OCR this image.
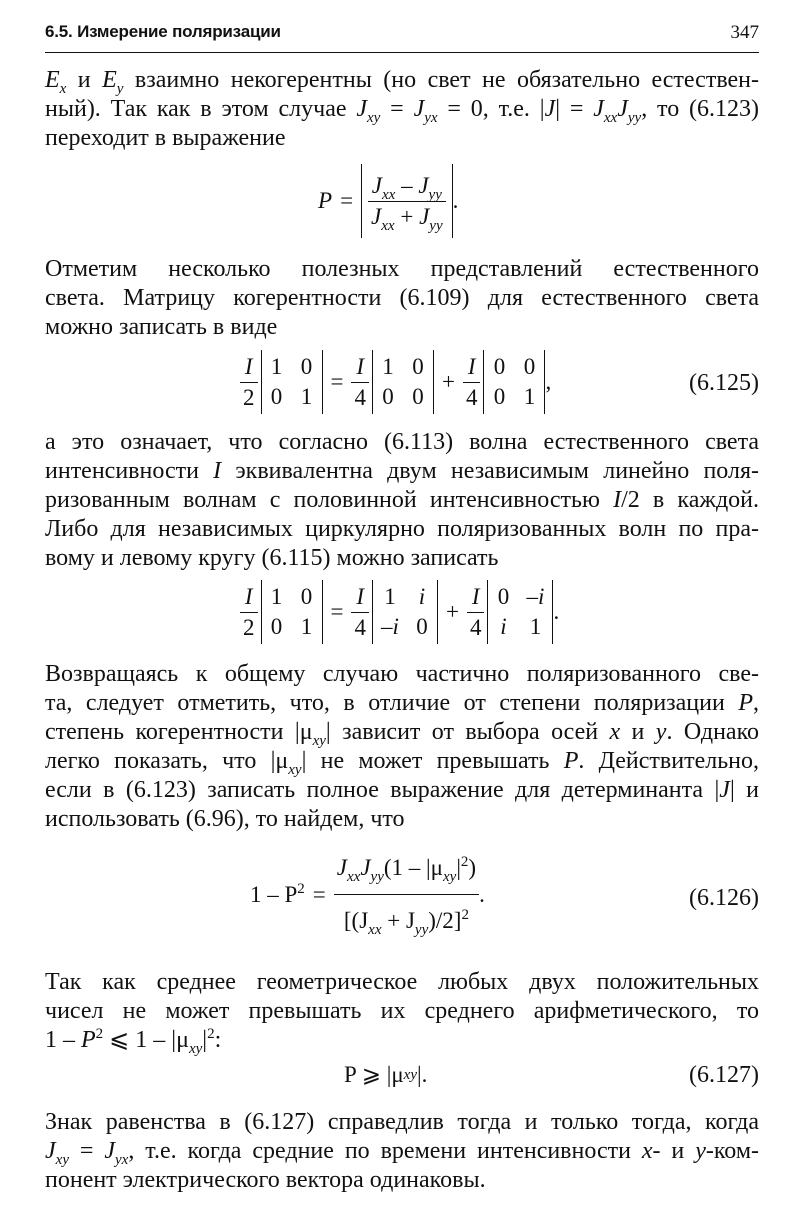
6.5. Измерение поляризации	347
$E_x$ и $E_y$ взаимно некогерентны (но свет не обязательно естествен-
ный). Так как в этом случае $J_{xy} = J_{yx} = 0$, т.е. $|J| = J_{xx}J_{yy}$, то (6.123)
переходит в выражение
$P = \frac{J_{xx} - J_{yy}}{J_{xx} + J_{yy}}$ .
Отметим несколько полезных представлений естественного
света. Матрицу когерентности (6.109) для естественного света
можно записать в виде
$\frac{I}{2} 1$ 0
0 1
= $\frac{I}{4} 1$ 0
0 0
+ $\frac{I}{4} 0$ 0
0 1
,	(6.125)
а это означает, что согласно (6.113) волна естественного света
интенсивности I эквивалентна двум независимым линейно поля-
ризованным волнам с половинной интенсивностью I/2 в каждой.
Либо для независимых циркулярно поляризованных волн по пра-
вому и левому кругу (6.115) можно записать
$\frac{I}{2} 1$ 0
0 1
= $\frac{I}{4} 1$	i
–i 0
+ $\frac{I}{4} 0$ –i
i	1
.
Возвращаясь к общему случаю частично поляризованного све-
та, следует отметить, что, в отличие от степени поляризации P,
степень когерентности $|\mu_{xy}|$ зависит от выбора осей x и y. Однако
легко показать, что $|\mu_{xy}|$ не может превышать P. Действительно,
если в (6.123) записать полное выражение для детерминанта |J| и
использовать (6.96), то найдем, что
$1 - P^2 = \frac{J_{xx}J_{yy}(1 - |\mu_{xy}|^2)}{[(J_{xx} + J_{yy})/2]^2}$ .	(6.126)
Так как среднее геометрическое любых двух положительных
чисел не может превышать их среднего арифметического, то
$1 - P^2$ ⩽ $1 - |\mu_{xy}|^2$:
P ⩾ |μ xy |.	(6.127)
Знак равенства в (6.127) справедлив тогда и только тогда, когда
$J_{xy} = J_{yx}$, т.е. когда средние по времени интенсивности x- и y-ком-
понент электрического вектора одинаковы.
